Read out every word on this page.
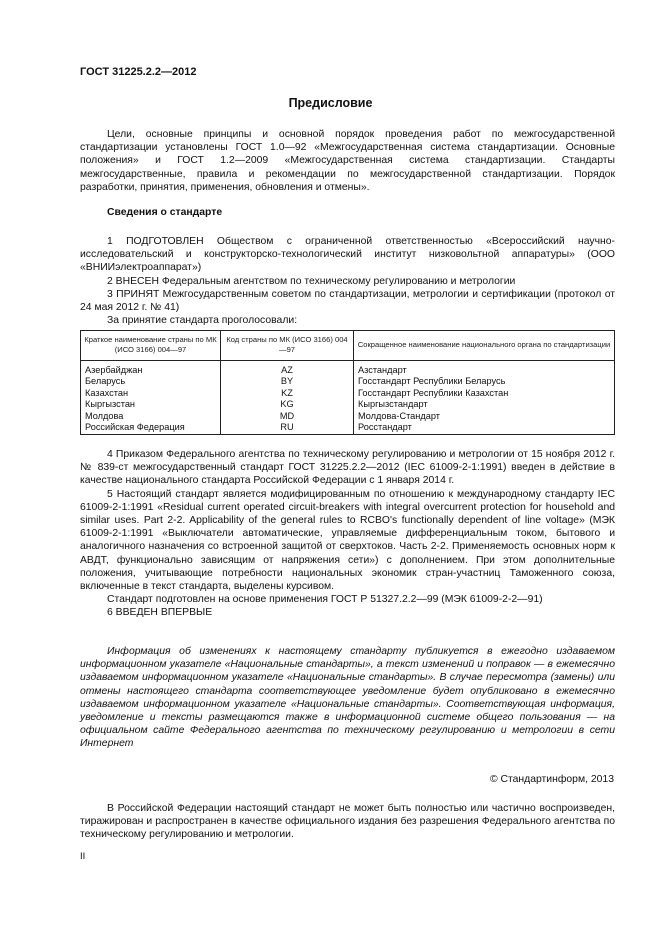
ГОСТ 31225.2.2—2012
Предисловие

Цели, основные принципы и основной порядок проведения работ по межгосударственной стандартизации установлены ГОСТ 1.0—92 «Межгосударственная система стандартизации. Основные положения» и ГОСТ 1.2—2009 «Межгосударственная система стандартизации. Стандарты межгосударственные, правила и рекомендации по межгосударственной стандартизации. Порядок разработки, принятия, применения, обновления и отмены».

Сведения о стандарте

1 ПОДГОТОВЛЕН Обществом с ограниченной ответственностью «Всероссийский научно-исследовательский и конструкторско-технологический институт низковольтной аппаратуры» (ООО «ВНИИэлектроаппарат»)

2 ВНЕСЕН Федеральным агентством по техническому регулированию и метрологии

3 ПРИНЯТ Межгосударственным советом по стандартизации, метрологии и сертификации (протокол от 24 мая 2012 г. № 41)

За принятие стандарта проголосовали:

Краткое наименование страны по МК (ИСО 3166) 004—97	Код страны по МК (ИСО 3166) 004—97	Сокращенное наименование национального органа по стандартизации
Азербайджан	AZ	Азстандарт
Беларусь	BY	Госстандарт Республики Беларусь
Казахстан	KZ	Госстандарт Республики Казахстан
Кыргызстан	KG	Кыргызстандарт
Молдова	MD	Молдова-Стандарт
Российская Федерация	RU	Росстандарт

4 Приказом Федерального агентства по техническому регулированию и метрологии от 15 ноября 2012 г. № 839-ст межгосударственный стандарт ГОСТ 31225.2.2—2012 (IEC 61009-2-1:1991) введен в действие в качестве национального стандарта Российской Федерации с 1 января 2014 г.

5 Настоящий стандарт является модифицированным по отношению к международному стандарту IEC 61009-2-1:1991 «Residual current operated circuit-breakers with integral overcurrent protection for household and similar uses. Part 2-2. Applicability of the general rules to RCBO's functionally dependent of line voltage» (МЭК 61009-2-1:1991 «Выключатели автоматические, управляемые дифференциальным током, бытового и аналогичного назначения со встроенной защитой от сверхтоков. Часть 2-2. Применяемость основных норм к АВДТ, функционально зависящим от напряжения сети») с дополнением. При этом дополнительные положения, учитывающие потребности национальных экономик стран-участниц Таможенного союза, включенные в текст стандарта, выделены курсивом.

Стандарт подготовлен на основе применения ГОСТ Р 51327.2.2—99 (МЭК 61009-2-2—91)

6 ВВЕДЕН ВПЕРВЫЕ

Информация об изменениях к настоящему стандарту публикуется в ежегодно издаваемом информационном указателе «Национальные стандарты», а текст изменений и поправок — в ежемесячно издаваемом информационном указателе «Национальные стандарты». В случае пересмотра (замены) или отмены настоящего стандарта соответствующее уведомление будет опубликовано в ежемесячно издаваемом информационном указателе «Национальные стандарты». Соответствующая информация, уведомление и тексты размещаются также в информационной системе общего пользования — на официальном сайте Федерального агентства по техническому регулированию и метрологии в сети Интернет

© Стандартинформ, 2013

В Российской Федерации настоящий стандарт не может быть полностью или частично воспроизведен, тиражирован и распространен в качестве официального издания без разрешения Федерального агентства по техническому регулированию и метрологии.

II
